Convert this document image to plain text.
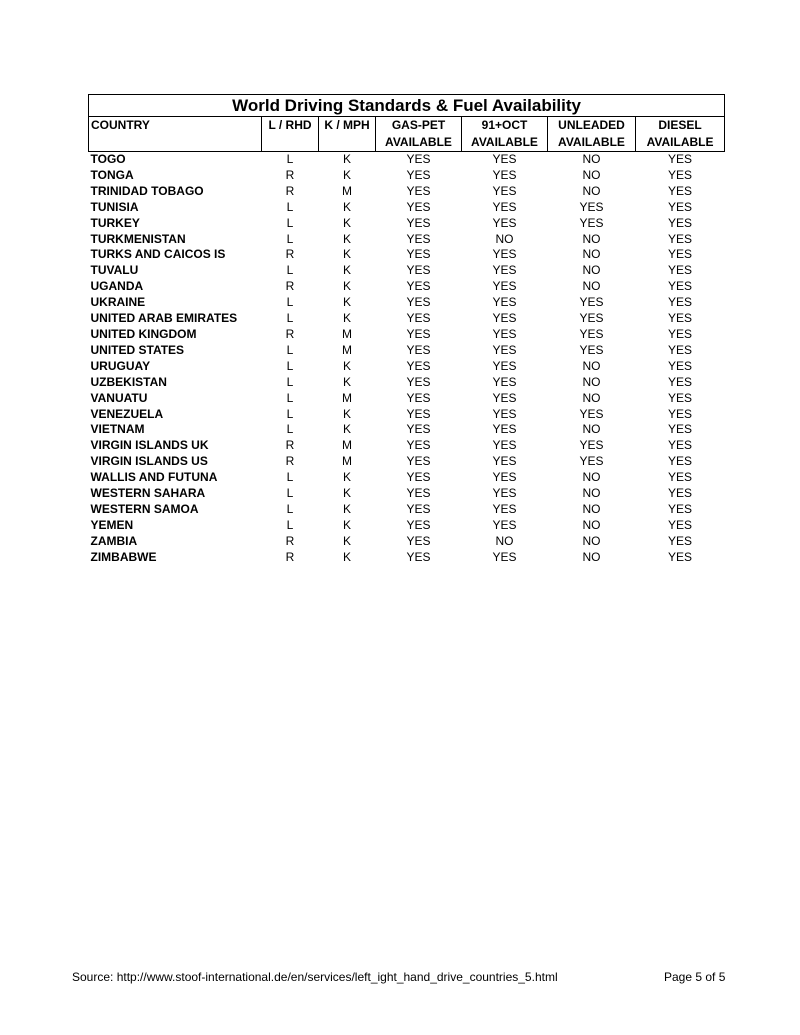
World Driving Standards & Fuel Availability						
COUNTRY	L / RHD	K / MPH	GAS-PET	91+OCT	UNLEADED	DIESEL
			AVAILABLE	AVAILABLE	AVAILABLE	AVAILABLE
TOGO	L	K	YES	YES	NO	YES
TONGA	R	K	YES	YES	NO	YES
TRINIDAD TOBAGO	R	M	YES	YES	NO	YES
TUNISIA	L	K	YES	YES	YES	YES
TURKEY	L	K	YES	YES	YES	YES
TURKMENISTAN	L	K	YES	NO	NO	YES
TURKS AND CAICOS IS	R	K	YES	YES	NO	YES
TUVALU	L	K	YES	YES	NO	YES
UGANDA	R	K	YES	YES	NO	YES
UKRAINE	L	K	YES	YES	YES	YES
UNITED ARAB EMIRATES	L	K	YES	YES	YES	YES
UNITED KINGDOM	R	M	YES	YES	YES	YES
UNITED STATES	L	M	YES	YES	YES	YES
URUGUAY	L	K	YES	YES	NO	YES
UZBEKISTAN	L	K	YES	YES	NO	YES
VANUATU	L	M	YES	YES	NO	YES
VENEZUELA	L	K	YES	YES	YES	YES
VIETNAM	L	K	YES	YES	NO	YES
VIRGIN ISLANDS UK	R	M	YES	YES	YES	YES
VIRGIN ISLANDS US	R	M	YES	YES	YES	YES
WALLIS AND FUTUNA	L	K	YES	YES	NO	YES
WESTERN SAHARA	L	K	YES	YES	NO	YES
WESTERN SAMOA	L	K	YES	YES	NO	YES
YEMEN	L	K	YES	YES	NO	YES
ZAMBIA	R	K	YES	NO	NO	YES
ZIMBABWE	R	K	YES	YES	NO	YES
Source: http://www.stoof-international.de/en/services/left_ight_hand_drive_countries_5.html	Page 5 of 5
